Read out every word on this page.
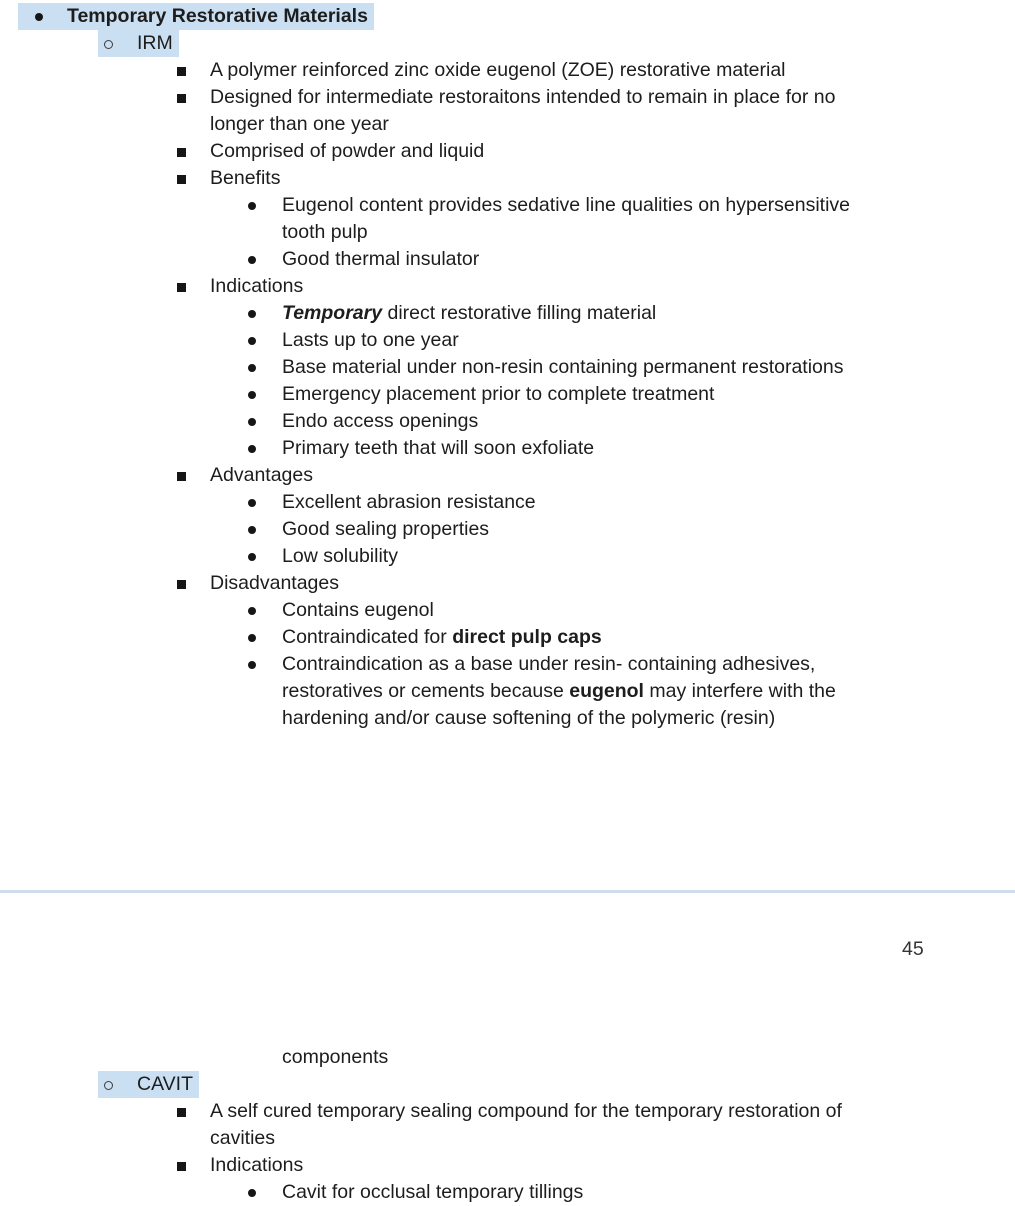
Temporary Restorative Materials
IRM
A polymer reinforced zinc oxide eugenol (ZOE) restorative material
Designed for intermediate restoraitons intended to remain in place for no
longer than one year
Comprised of powder and liquid
Benefits
Eugenol content provides sedative line qualities on hypersensitive
tooth pulp
Good thermal insulator
Indications
Temporary direct restorative filling material
Lasts up to one year
Base material under non-resin containing permanent restorations
Emergency placement prior to complete treatment
Endo access openings
Primary teeth that will soon exfoliate
Advantages
Excellent abrasion resistance
Good sealing properties
Low solubility
Disadvantages
Contains eugenol
Contraindicated for direct pulp caps
Contraindication as a base under resin- containing adhesives,
restoratives or cements because eugenol may interfere with the
hardening and/or cause softening of the polymeric (resin)
45
components
CAVIT
A self cured temporary sealing compound for the temporary restoration of
cavities
Indications
Cavit for occlusal temporary tillings
